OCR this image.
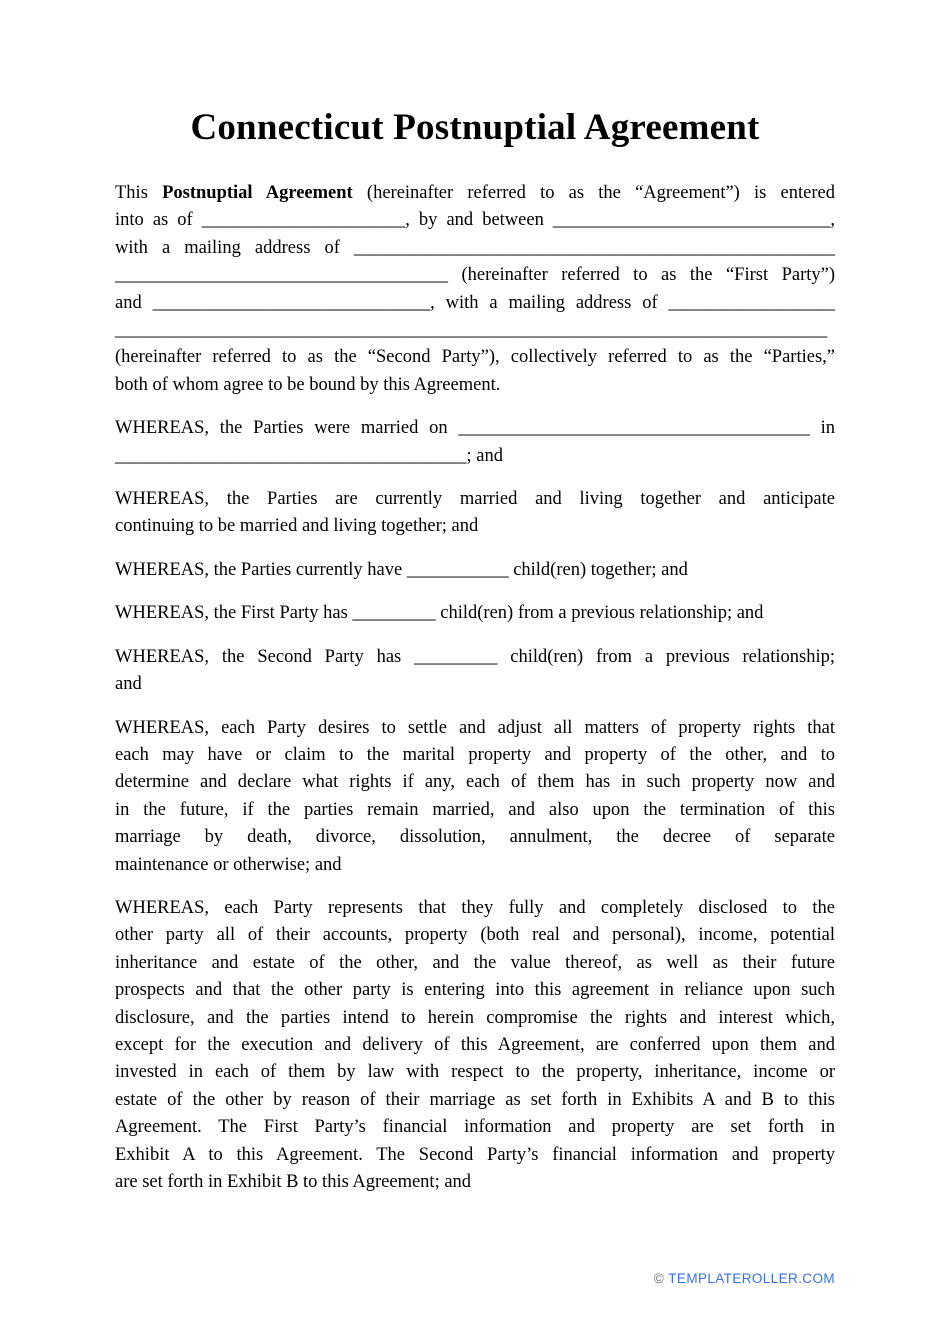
Connecticut Postnuptial Agreement

This Postnuptial Agreement (hereinafter referred to as the “Agreement”) is entered
into as of ______________________, by and between ______________________________,
with a mailing address of ____________________________________________________
____________________________________ (hereinafter referred to as the “First Party”)
and ______________________________, with a mailing address of __________________
_____________________________________________________________________________
(hereinafter referred to as the “Second Party”), collectively referred to as the “Parties,”
both of whom agree to be bound by this Agreement.

WHEREAS, the Parties were married on ______________________________________ in
______________________________________; and

WHEREAS, the Parties are currently married and living together and anticipate
continuing to be married and living together; and

WHEREAS, the Parties currently have ___________ child(ren) together; and

WHEREAS, the First Party has _________ child(ren) from a previous relationship; and

WHEREAS, the Second Party has _________ child(ren) from a previous relationship;
and

WHEREAS, each Party desires to settle and adjust all matters of property rights that
each may have or claim to the marital property and property of the other, and to
determine and declare what rights if any, each of them has in such property now and
in the future, if the parties remain married, and also upon the termination of this
marriage by death, divorce, dissolution, annulment, the decree of separate
maintenance or otherwise; and

WHEREAS, each Party represents that they fully and completely disclosed to the
other party all of their accounts, property (both real and personal), income, potential
inheritance and estate of the other, and the value thereof, as well as their future
prospects and that the other party is entering into this agreement in reliance upon such
disclosure, and the parties intend to herein compromise the rights and interest which,
except for the execution and delivery of this Agreement, are conferred upon them and
invested in each of them by law with respect to the property, inheritance, income or
estate of the other by reason of their marriage as set forth in Exhibits A and B to this
Agreement. The First Party’s financial information and property are set forth in
Exhibit A to this Agreement. The Second Party’s financial information and property
are set forth in Exhibit B to this Agreement; and

© TEMPLATEROLLER.COM
